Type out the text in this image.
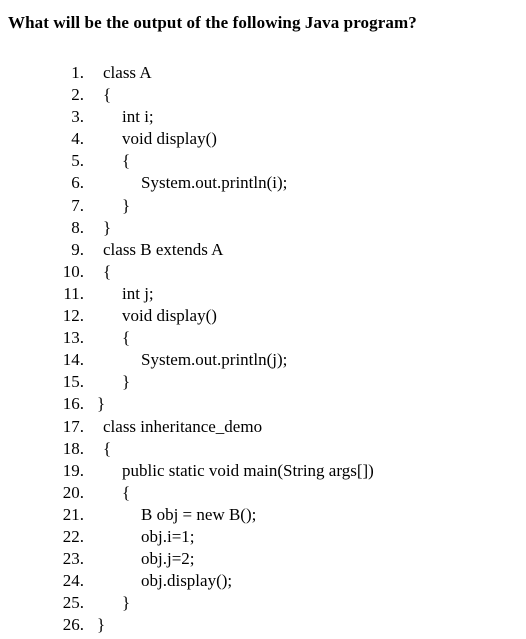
What will be the output of the following Java program?
1. class A
2. {
3. int i;
4. void display()
5. {
6.	System.out.println(i);
7. }
8. }
9. class B extends A
10. {
11. int j;
12. void display()
13. {
14.	System.out.println(j);
15. }
16. }
17. class inheritance_demo
18. {
19. public static void main(String args[])
20. {
21.	B obj = new B();
22.	obj.i=1;
23.	obj.j=2;
24.	obj.display();
25. }
26. }
